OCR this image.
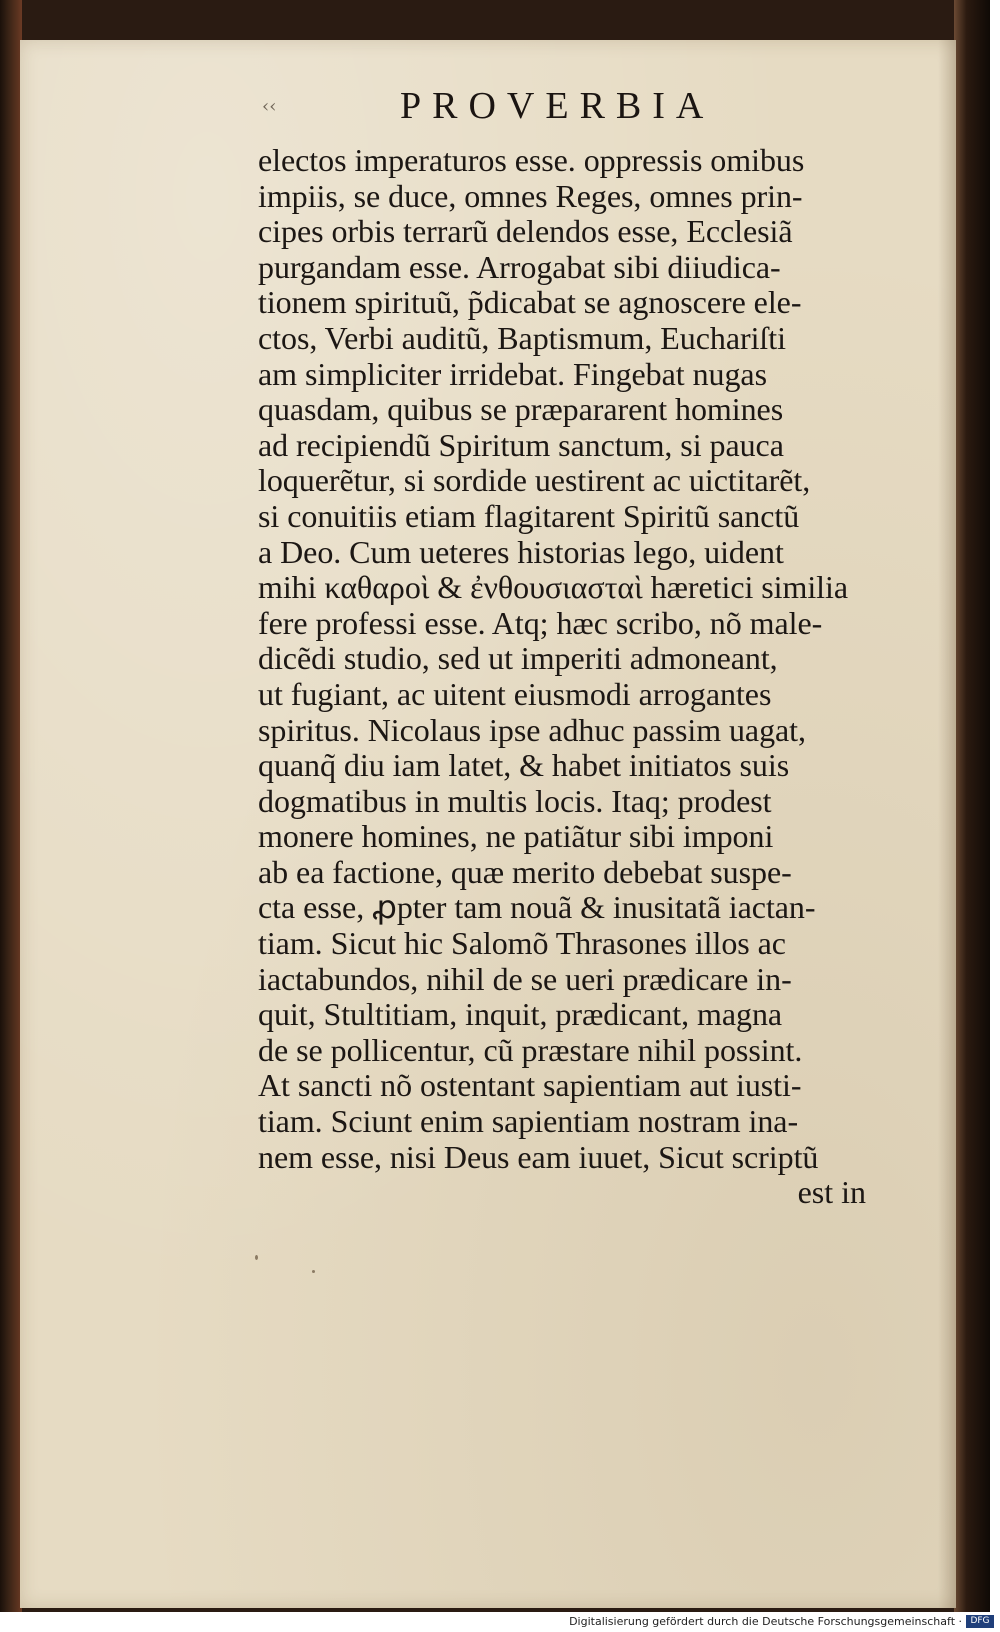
‹‹	PROVERBIA
electos imperaturos esse. oppressis omibus
impiis, se duce, omnes Reges, omnes prin-
cipes orbis terrarũ delendos esse, Ecclesiã
purgandam esse. Arrogabat sibi diiudica-
tionem spirituũ, p̃dicabat se agnoscere ele-
ctos, Verbi auditũ, Baptismum, Euchariſti
am simpliciter irridebat. Fingebat nugas
quasdam, quibus se præpararent homines
ad recipiendũ Spiritum sanctum, si pauca
loquerẽtur, si sordide uestirent ac uictitarẽt,
si conuitiis etiam flagitarent Spiritũ sanctũ
a Deo. Cum ueteres historias lego, uident
mihi καθαροὶ & ἐνθουσιασταὶ hæretici similia
fere professi esse. Atq; hæc scribo, nõ male-
dicẽdi studio, sed ut imperiti admoneant,
ut fugiant, ac uitent eiusmodi arrogantes
spiritus. Nicolaus ipse adhuc passim uagat,
quanq̃ diu iam latet, & habet initiatos suis
dogmatibus in multis locis. Itaq; prodest
monere homines, ne patiãtur sibi imponi
ab ea factione, quæ merito debebat suspe-
cta esse, ꝓpter tam nouã & inusitatã iactan-
tiam. Sicut hic Salomõ Thrasones illos ac
iactabundos, nihil de se ueri prædicare in-
quit, Stultitiam, inquit, prædicant, magna
de se pollicentur, cũ præstare nihil possint.
At sancti nõ ostentant sapientiam aut iusti-
tiam. Sciunt enim sapientiam nostram ina-
nem esse, nisi Deus eam iuuet, Sicut scriptũ
est in
Digitalisierung gefördert durch die Deutsche Forschungsgemeinschaft · DFG
